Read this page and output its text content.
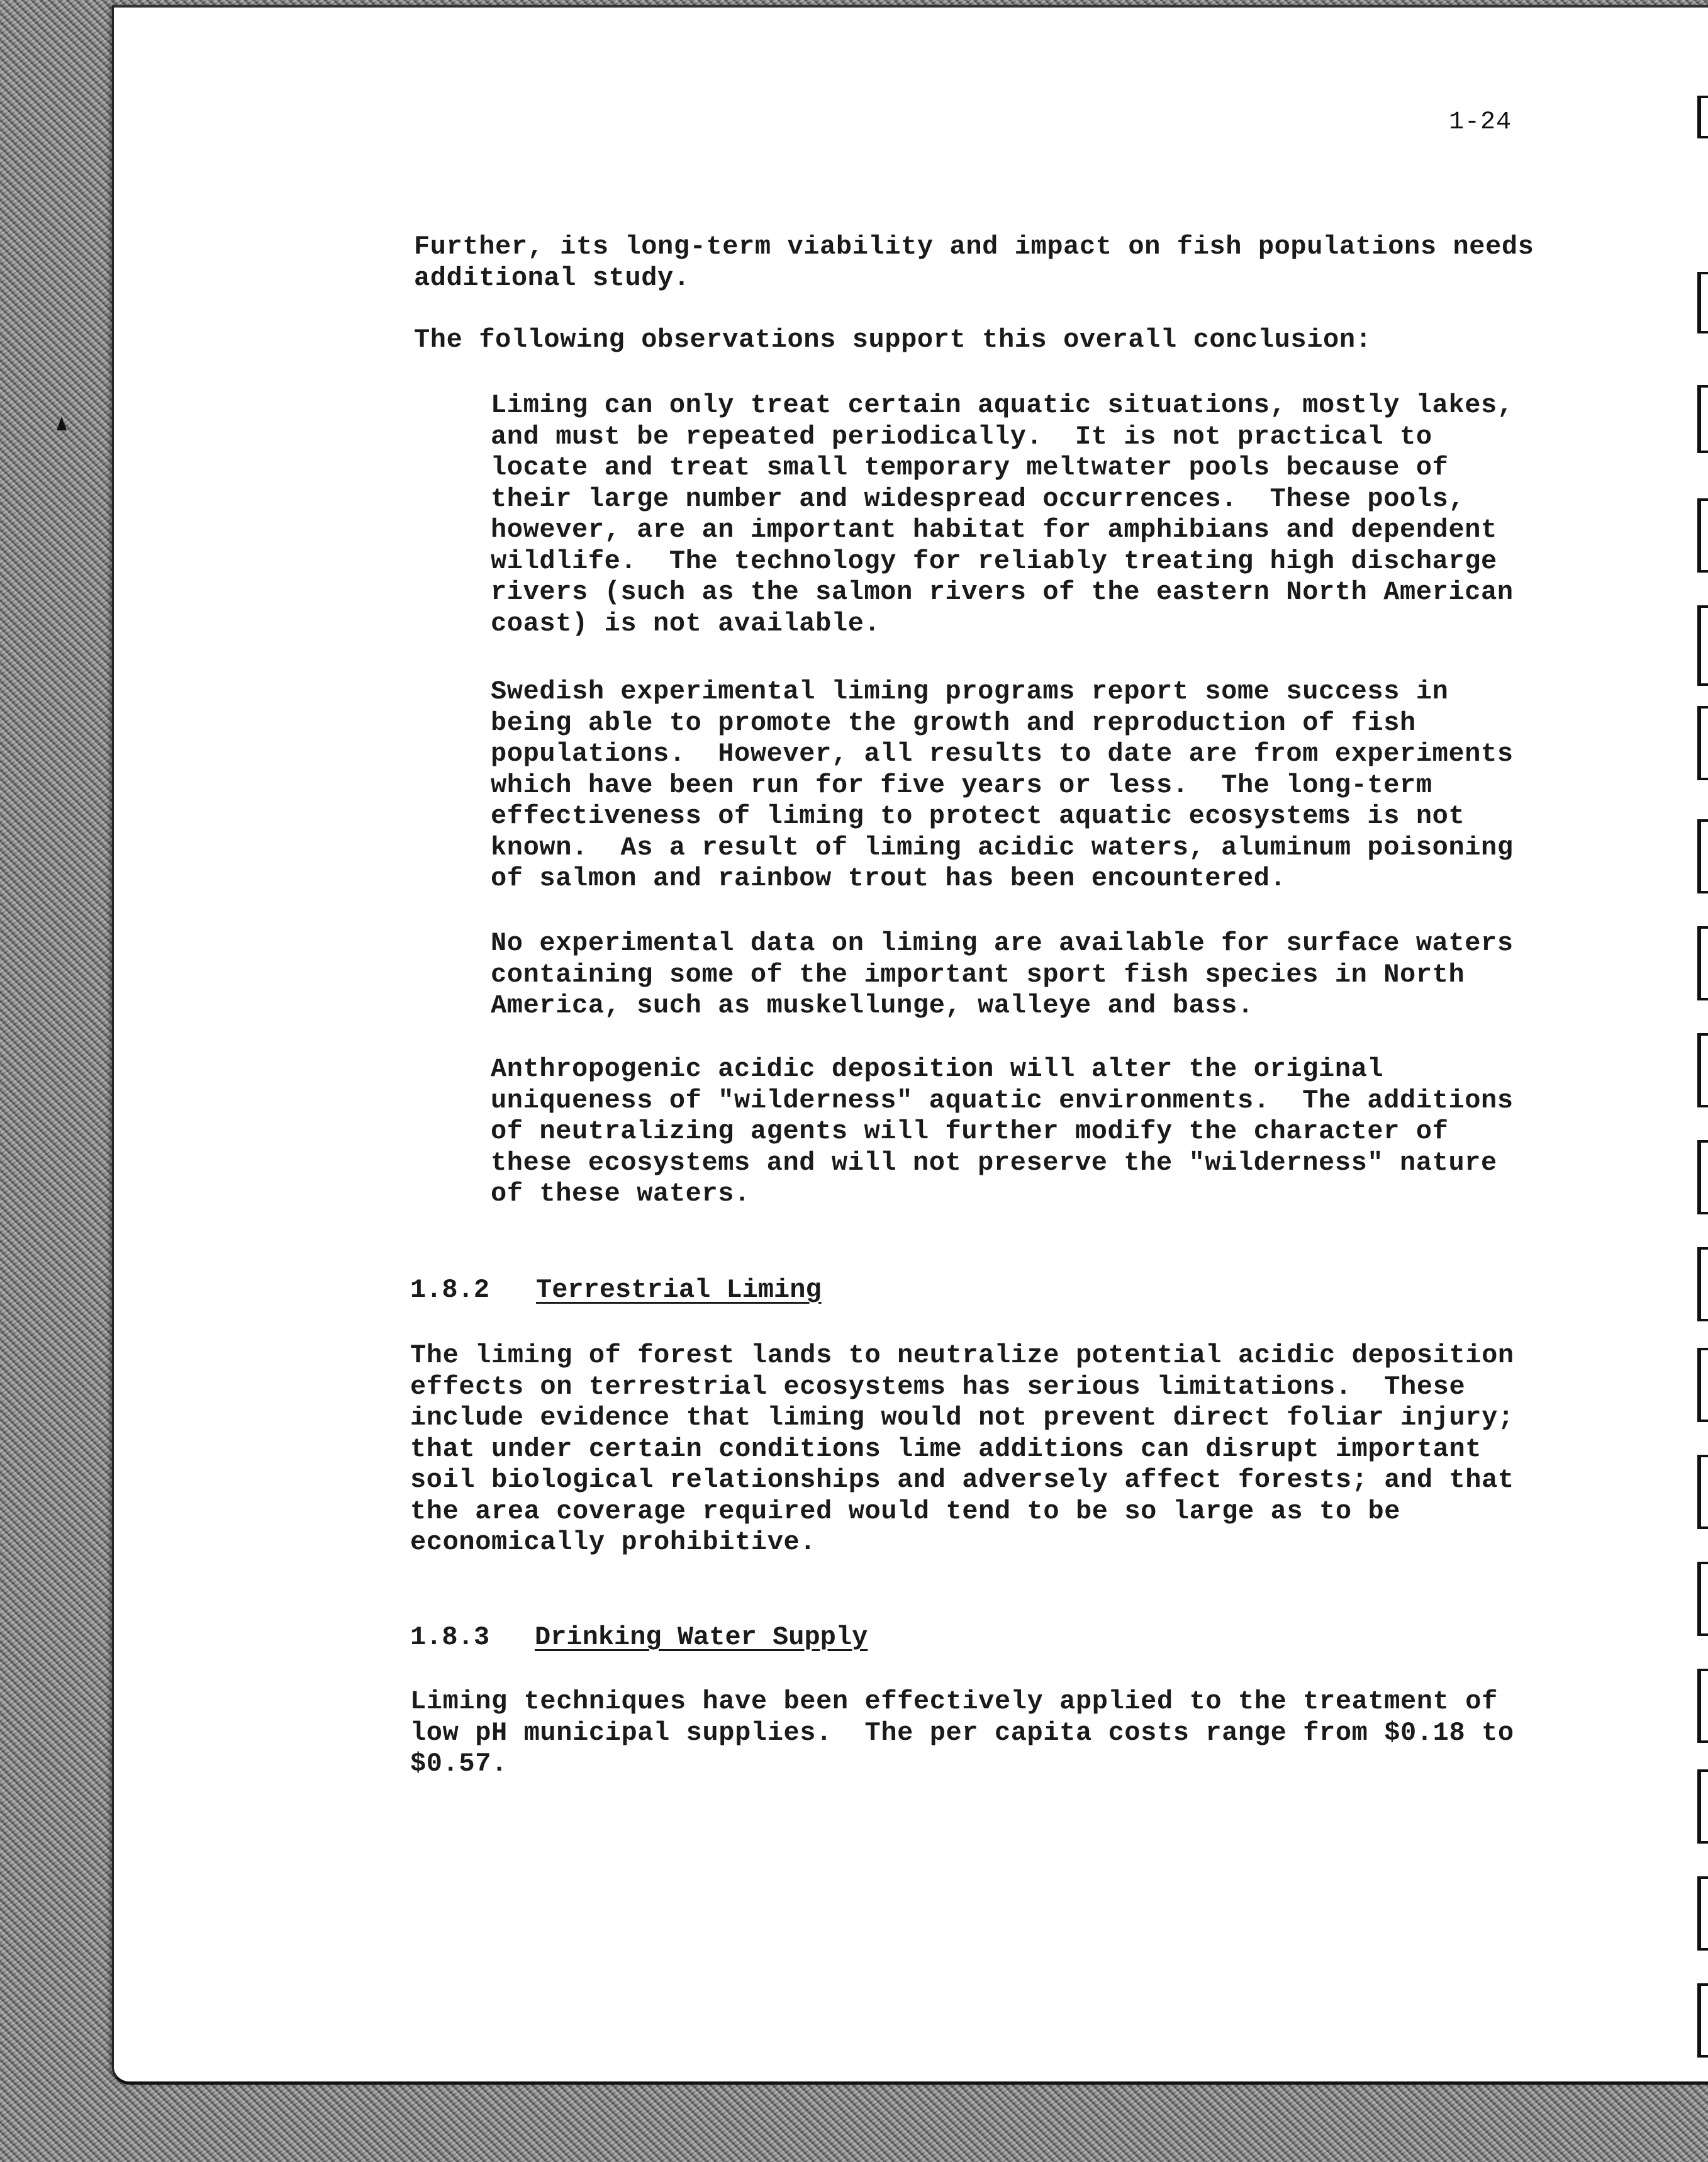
1-24
Further, its long-term viability and impact on fish populations needs
additional study.
The following observations support this overall conclusion:
Liming can only treat certain aquatic situations, mostly lakes,
and must be repeated periodically.  It is not practical to
locate and treat small temporary meltwater pools because of
their large number and widespread occurrences.  These pools,
however, are an important habitat for amphibians and dependent
wildlife.  The technology for reliably treating high discharge
rivers (such as the salmon rivers of the eastern North American
coast) is not available.
Swedish experimental liming programs report some success in
being able to promote the growth and reproduction of fish
populations.  However, all results to date are from experiments
which have been run for five years or less.  The long-term
effectiveness of liming to protect aquatic ecosystems is not
known.  As a result of liming acidic waters, aluminum poisoning
of salmon and rainbow trout has been encountered.
No experimental data on liming are available for surface waters
containing some of the important sport fish species in North
America, such as muskellunge, walleye and bass.
Anthropogenic acidic deposition will alter the original
uniqueness of "wilderness" aquatic environments.  The additions
of neutralizing agents will further modify the character of
these ecosystems and will not preserve the "wilderness" nature
of these waters.
1.8.2 Terrestrial Liming
The liming of forest lands to neutralize potential acidic deposition
effects on terrestrial ecosystems has serious limitations.  These
include evidence that liming would not prevent direct foliar injury;
that under certain conditions lime additions can disrupt important
soil biological relationships and adversely affect forests; and that
the area coverage required would tend to be so large as to be
economically prohibitive.
1.8.3 Drinking Water Supply
Liming techniques have been effectively applied to the treatment of
low pH municipal supplies.  The per capita costs range from $0.18 to
$0.57.
